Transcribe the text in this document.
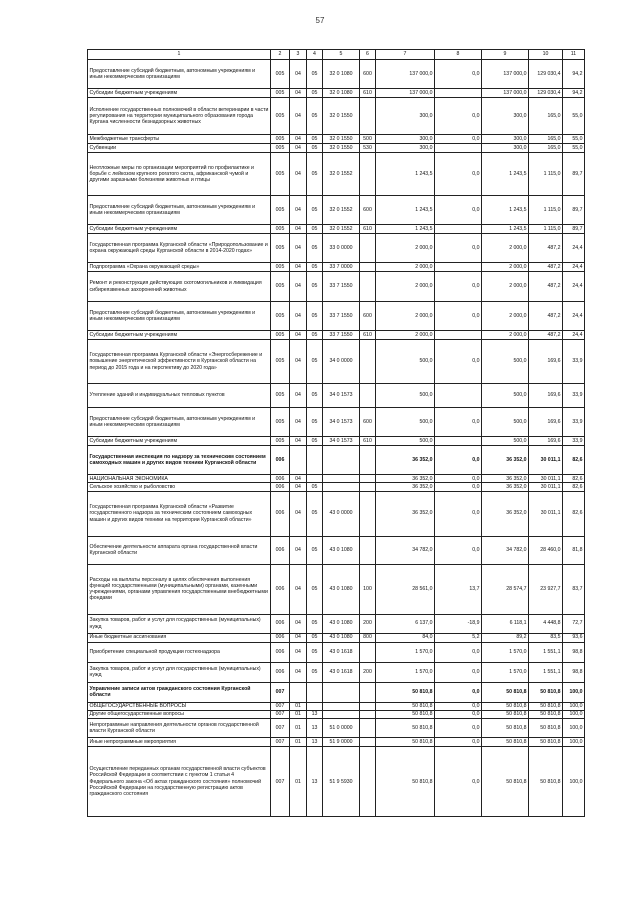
57
1	2	3	4	5	6	7	8	9	10	11
Предоставление субсидий бюджетным, автономным учреждениям и иным некоммерческим организациям	005	04	05	32 0 1080	600	137 000,0	0,0	137 000,0	129 030,4	94,2
Субсидии бюджетным учреждениям	005	04	05	32 0 1080	610	137 000,0		137 000,0	129 030,4	94,2
Исполнение государственных полномочий в области ветеринарии в части регулирования на территории муниципального образования города Кургана численности безнадзорных животных	005	04	05	32 0 1550		300,0	0,0	300,0	165,0	55,0
Межбюджетные трансферты	005	04	05	32 0 1550	500	300,0	0,0	300,0	165,0	55,0
Субвенции	005	04	05	32 0 1550	530	300,0		300,0	165,0	55,0
Неотложные меры по организации мероприятий по профилактике и борьбе с лейкозом крупного рогатого скота, африканской чумой и другими заразными болезнями животных и птицы	005	04	05	32 0 1552		1 243,5	0,0	1 243,5	1 115,0	89,7
Предоставление субсидий бюджетным, автономным учреждениям и иным некоммерческим организациям	005	04	05	32 0 1552	600	1 243,5	0,0	1 243,5	1 115,0	89,7
Субсидии бюджетным учреждениям	005	04	05	32 0 1552	610	1 243,5		1 243,5	1 115,0	89,7
Государственная программа Курганской области «Природопользование и охрана окружающей среды Курганской области в 2014-2020 годах»	005	04	05	33 0 0000		2 000,0	0,0	2 000,0	487,2	24,4
Подпрограмма «Охрана окружающей среды»	005	04	05	33 7 0000		2 000,0		2 000,0	487,2	24,4
Ремонт и реконструкция действующих скотомогильников и ликвидация сибиреязвенных захоронений животных	005	04	05	33 7 1550		2 000,0	0,0	2 000,0	487,2	24,4
Предоставление субсидий бюджетным, автономным учреждениям и иным некоммерческим организациям	005	04	05	33 7 1550	600	2 000,0	0,0	2 000,0	487,2	24,4
Субсидии бюджетным учреждениям	005	04	05	33 7 1550	610	2 000,0		2 000,0	487,2	24,4
Государственная программа Курганской области «Энергосбережение и повышение энергетической эффективности в Курганской области на период до 2015 года и на перспективу до 2020 года»	005	04	05	34 0 0000		500,0	0,0	500,0	169,6	33,9
Утепление зданий и индивидуальных тепловых пунктов	005	04	05	34 0 1573		500,0		500,0	169,6	33,9
Предоставление субсидий бюджетным, автономным учреждениям и иным некоммерческим организациям	005	04	05	34 0 1573	600	500,0	0,0	500,0	169,6	33,9
Субсидии бюджетным учреждениям	005	04	05	34 0 1573	610	500,0		500,0	169,6	33,9
Государственная инспекция по надзору за техническим состоянием самоходных машин и других видов техники Курганской области	006					36 352,0	0,0	36 352,0	30 011,1	82,6
НАЦИОНАЛЬНАЯ ЭКОНОМИКА	006	04				36 352,0	0,0	36 352,0	30 011,1	82,6
Сельское хозяйство и рыболовство	006	04	05			36 352,0	0,0	36 352,0	30 011,1	82,6
Государственная программа Курганской области «Развитие государственного надзора за техническим состоянием самоходных машин и других видов техники на территории Курганской области»	006	04	05	43 0 0000		36 352,0	0,0	36 352,0	30 011,1	82,6
Обеспечение деятельности аппарата органа государственной власти Курганской области	006	04	05	43 0 1080		34 782,0	0,0	34 782,0	28 460,0	81,8
Расходы на выплаты персоналу в целях обеспечения выполнения функций государственными (муниципальными) органами, казенными учреждениями, органами управления государственными внебюджетными фондами	006	04	05	43 0 1080	100	28 561,0	13,7	28 574,7	23 927,7	83,7
Закупка товаров, работ и услуг для государственных (муниципальных) нужд	006	04	05	43 0 1080	200	6 137,0	-18,9	6 118,1	4 448,8	72,7
Иные бюджетные ассигнования	006	04	05	43 0 1080	800	84,0	5,2	89,2	83,5	93,6
Приобретение специальной продукции гостехнадзора	006	04	05	43 0 1618		1 570,0	0,0	1 570,0	1 551,1	98,8
Закупка товаров, работ и услуг для государственных (муниципальных) нужд	006	04	05	43 0 1618	200	1 570,0	0,0	1 570,0	1 551,1	98,8
Управление записи актов гражданского состояния Курганской области	007					50 810,8	0,0	50 810,8	50 810,8	100,0
ОБЩЕГОСУДАРСТВЕННЫЕ ВОПРОСЫ	007	01				50 810,8	0,0	50 810,8	50 810,8	100,0
Другие общегосударственные вопросы	007	01	13			50 810,8	0,0	50 810,8	50 810,8	100,0
Непрограммные направления деятельности органов государственной власти Курганской области	007	01	13	51 0 0000		50 810,8	0,0	50 810,8	50 810,8	100,0
Иные непрограммные мероприятия	007	01	13	51 9 0000		50 810,8	0,0	50 810,8	50 810,8	100,0
Осуществление переданных органам государственной власти субъектов Российской Федерации в соответствии с пунктом 1 статьи 4 Федерального закона «Об актах гражданского состояния» полномочий Российской Федерации на государственную регистрацию актов гражданского состояния	007	01	13	51 9 5930		50 810,8	0,0	50 810,8	50 810,8	100,0
